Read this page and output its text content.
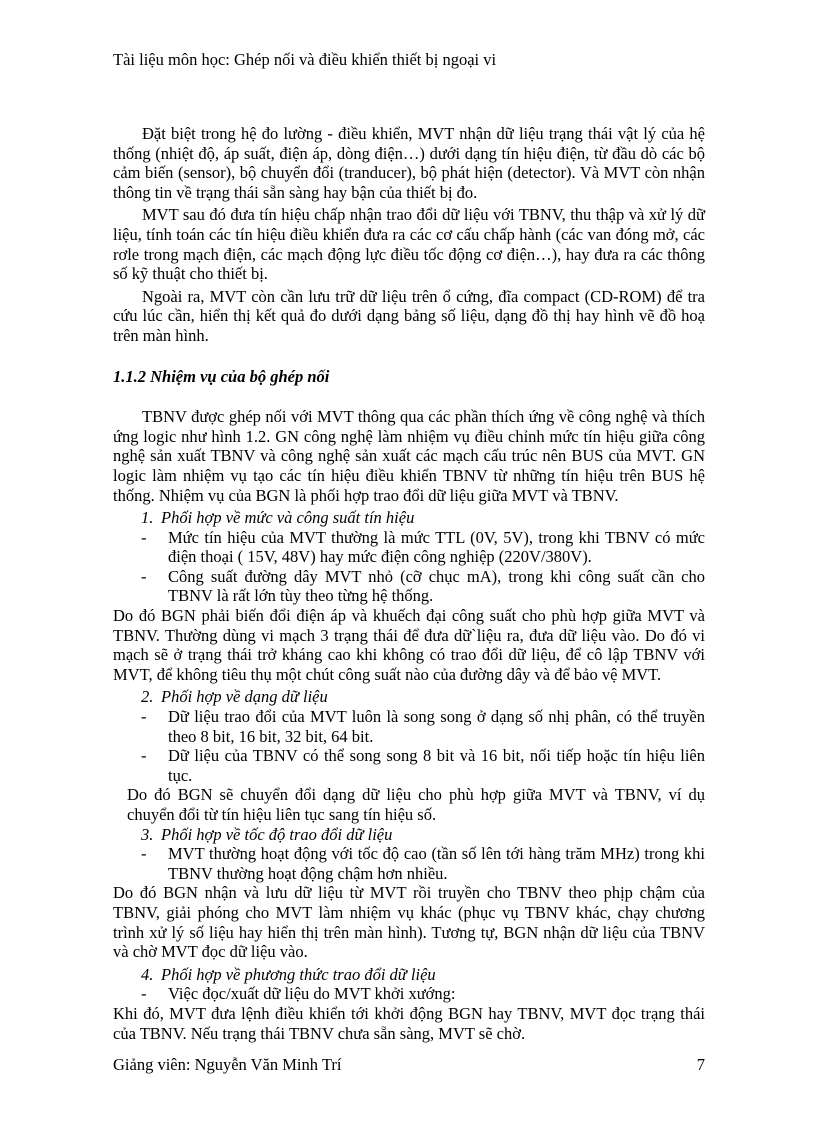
Tài liệu môn học: Ghép nối và điều khiển thiết bị ngoại vi

Đặt biệt trong hệ đo lường - điều khiển, MVT nhận dữ liệu trạng thái vật lý của hệ thống (nhiệt độ, áp suất, điện áp, dòng điện…) dưới dạng tín hiệu điện, từ đầu dò các bộ cảm biến (sensor), bộ chuyển đổi (tranducer), bộ phát hiện (detector). Và MVT còn nhận thông tin về trạng thái sẵn sàng hay bận của thiết bị đo.

MVT sau đó đưa tín hiệu chấp nhận trao đổi dữ liệu với TBNV, thu thập và xử lý dữ liệu, tính toán các tín hiệu điều khiển đưa ra các cơ cấu chấp hành (các van đóng mở, các rơle trong mạch điện, các mạch động lực điều tốc động cơ điện…), hay đưa ra các thông số kỹ thuật cho thiết bị.

Ngoài ra, MVT còn cần lưu trữ dữ liệu trên ổ cứng, đĩa compact (CD-ROM) để tra cứu lúc cần, hiển thị kết quả đo dưới dạng bảng số liệu, dạng đồ thị hay hình vẽ đồ hoạ trên màn hình.

1.1.2 Nhiệm vụ của bộ ghép nối

TBNV được ghép nối với MVT thông qua các phần thích ứng về công nghệ và thích ứng logic như hình 1.2. GN công nghệ làm nhiệm vụ điều chỉnh mức tín hiệu giữa công nghệ sản xuất TBNV và công nghệ sản xuất các mạch cấu trúc nên BUS của MVT. GN logic làm nhiệm vụ tạo các tín hiệu điều khiển TBNV từ những tín hiệu trên BUS hệ thống. Nhiệm vụ của BGN là phối hợp trao đổi dữ liệu giữa MVT và TBNV.

1. Phối hợp về mức và công suất tín hiệu
-	Mức tín hiệu của MVT thường là mức TTL (0V, 5V), trong khi TBNV có mức điện thoại ( 15V, 48V) hay mức điện công nghiệp (220V/380V).
-	Công suất đường dây MVT nhỏ (cỡ chục mA), trong khi công suất cần cho TBNV là rất lớn tùy theo từng hệ thống.

Do đó BGN phải biến đổi điện áp và khuếch đại công suất cho phù hợp giữa MVT và TBNV. Thường dùng vi mạch 3 trạng thái để đưa dữ`liệu ra, đưa dữ liệu vào. Do đó vi mạch sẽ ở trạng thái trở kháng cao khi không có trao đổi dữ liệu, để cô lập TBNV với MVT, để không tiêu thụ một chút công suất nào của đường dây và để bảo vệ MVT.

2. Phối hợp về dạng dữ liệu
-	Dữ liệu trao đổi của MVT luôn là song song ở dạng số nhị phân, có thể truyền theo 8 bit, 16 bit, 32 bit, 64 bit.
-	Dữ liệu của TBNV có thể song song 8 bit và 16 bit, nối tiếp hoặc tín hiệu liên tục.

Do đó BGN sẽ chuyển đổi dạng dữ liệu cho phù hợp giữa MVT và TBNV, ví dụ chuyển đổi từ tín hiệu liên tục sang tín hiệu số.

3. Phối hợp về tốc độ trao đổi dữ liệu
-	MVT thường hoạt động với tốc độ cao (tần số lên tới hàng trăm MHz) trong khi TBNV thường hoạt động chậm hơn nhiều.

Do đó BGN nhận và lưu dữ liệu từ MVT rồi truyền cho TBNV theo phịp chậm của TBNV, giải phóng cho MVT làm nhiệm vụ khác (phục vụ TBNV khác, chạy chương trình xử lý số liệu hay hiển thị trên màn hình). Tương tự, BGN nhận dữ liệu của TBNV và chờ MVT đọc dữ liệu vào.

4. Phối hợp về phương thức trao đổi dữ liệu
-	Việc đọc/xuất dữ liệu do MVT khởi xướng:

Khi đó, MVT đưa lệnh điều khiển tới khởi động BGN hay TBNV, MVT đọc trạng thái của TBNV. Nếu trạng thái TBNV chưa sẵn sàng, MVT sẽ chờ.

Giảng viên: Nguyễn Văn Minh Trí	7
